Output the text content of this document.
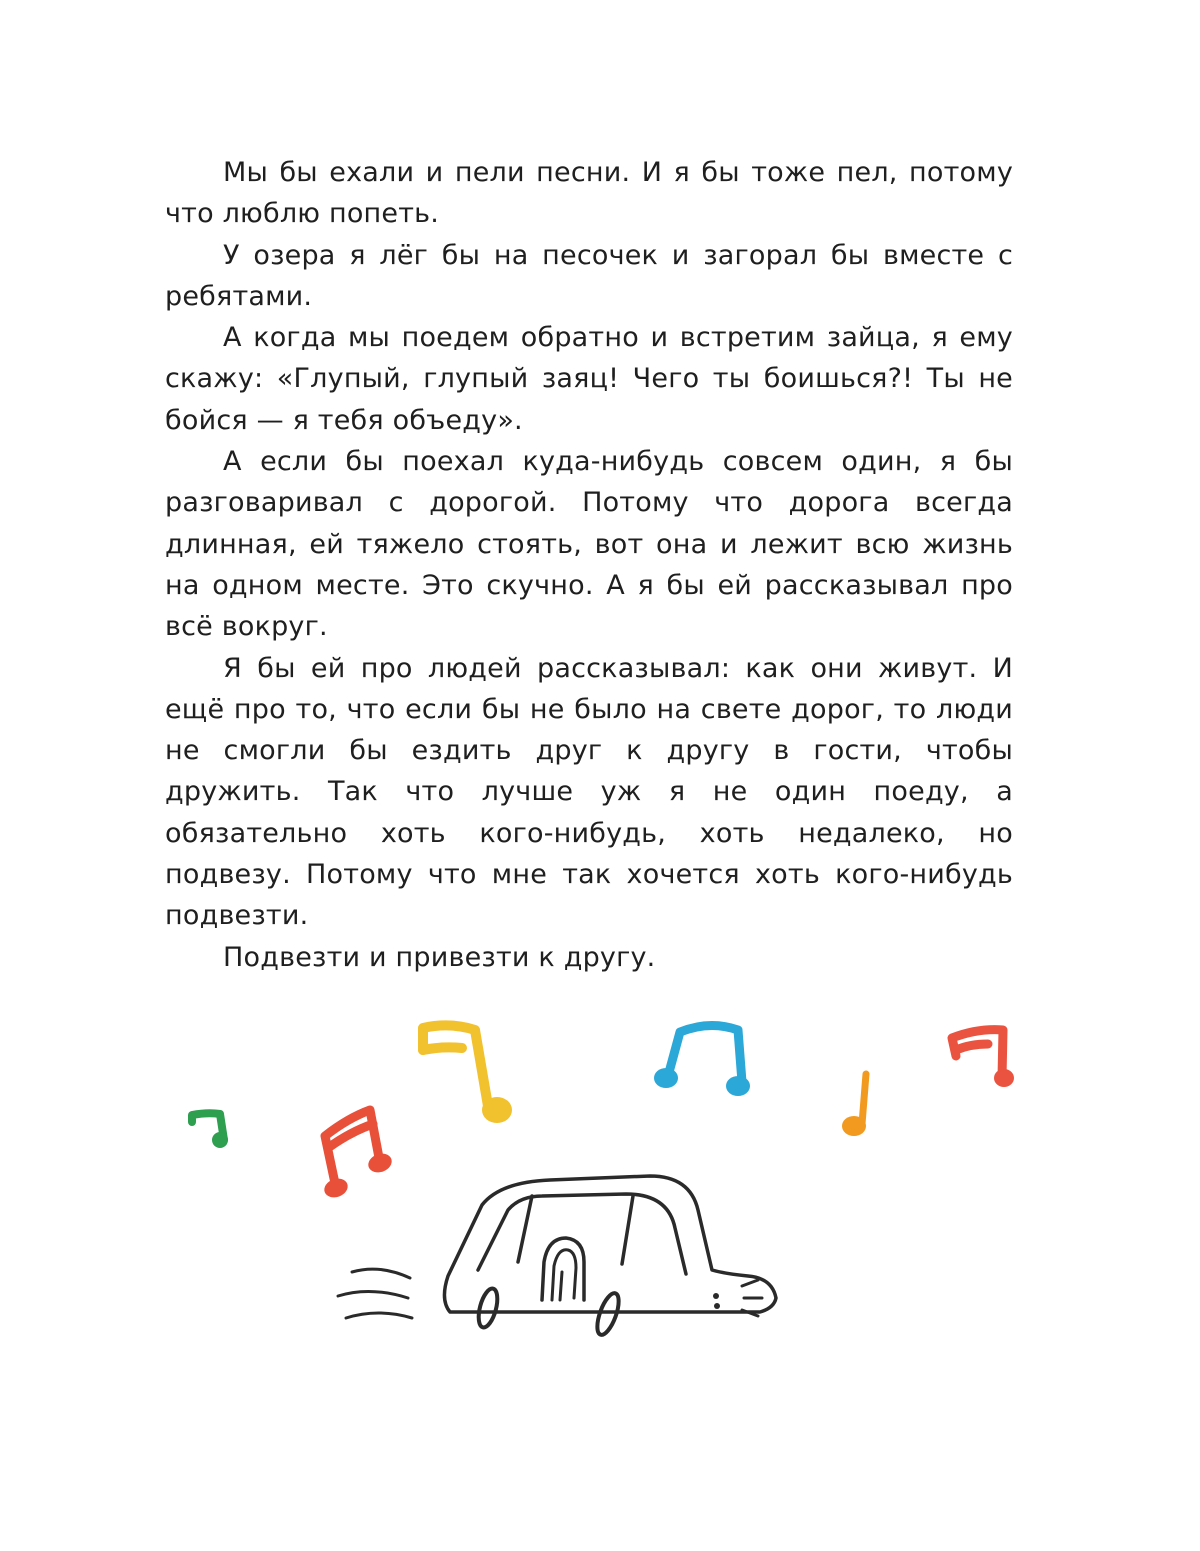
Мы бы ехали и пели песни. И я бы тоже пел, потому что люблю попеть.

У озера я лёг бы на песочек и загорал бы вместе с ребятами.

А когда мы поедем обратно и встретим зайца, я ему скажу: «Глупый, глупый заяц! Чего ты боишься?! Ты не бойся — я тебя объеду».

А если бы поехал куда-нибудь совсем один, я бы разговаривал с дорогой. Потому что дорога всегда длинная, ей тяжело стоять, вот она и лежит всю жизнь на одном месте. Это скучно. А я бы ей рассказывал про всё вокруг.

Я бы ей про людей рассказывал: как они живут. И ещё про то, что если бы не было на свете дорог, то люди не смогли бы ездить друг к другу в гости, чтобы дружить. Так что лучше уж я не один поеду, а обязательно хоть кого-нибудь, хоть недалеко, но подвезу. Потому что мне так хочется хоть кого-нибудь подвезти.

Подвезти и привезти к другу.
